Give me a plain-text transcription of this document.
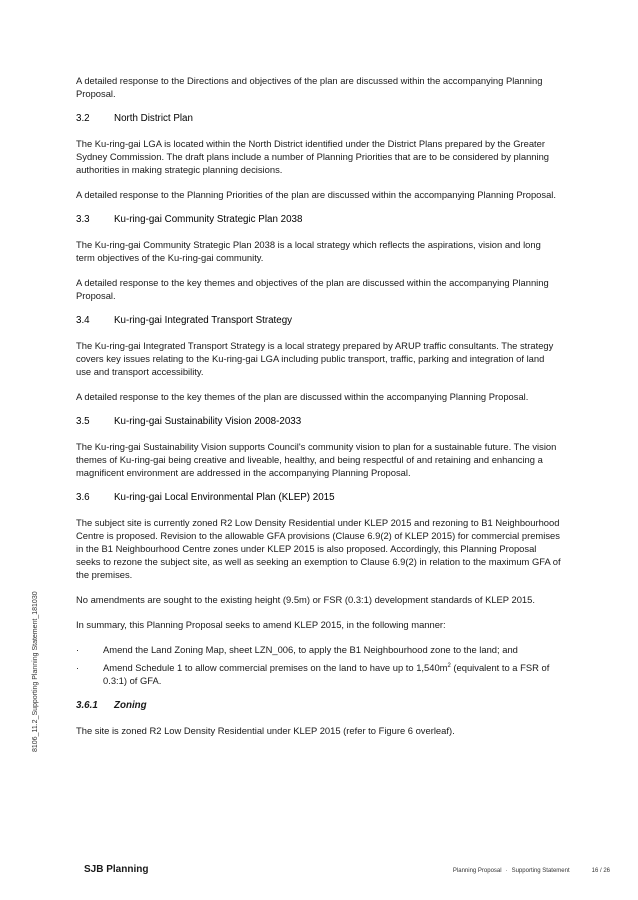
A detailed response to the Directions and objectives of the plan are discussed within the accompanying Planning Proposal.

3.2 North District Plan

The Ku-ring-gai LGA is located within the North District identified under the District Plans prepared by the Greater Sydney Commission. The draft plans include a number of Planning Priorities that are to be considered by planning authorities in making strategic planning decisions.

A detailed response to the Planning Priorities of the plan are discussed within the accompanying Planning Proposal.

3.3 Ku-ring-gai Community Strategic Plan 2038

The Ku-ring-gai Community Strategic Plan 2038 is a local strategy which reflects the aspirations, vision and long term objectives of the Ku-ring-gai community.

A detailed response to the key themes and objectives of the plan are discussed within the accompanying Planning Proposal.

3.4 Ku-ring-gai Integrated Transport Strategy

The Ku-ring-gai Integrated Transport Strategy is a local strategy prepared by ARUP traffic consultants. The strategy covers key issues relating to the Ku-ring-gai LGA including public transport, traffic, parking and integration of land use and transport accessibility.

A detailed response to the key themes of the plan are discussed within the accompanying Planning Proposal.

3.5 Ku-ring-gai Sustainability Vision 2008-2033

The Ku-ring-gai Sustainability Vision supports Council's community vision to plan for a sustainable future. The vision themes of Ku-ring-gai being creative and liveable, healthy, and being respectful of and retaining and enhancing a magnificent environment are addressed in the accompanying Planning Proposal.

3.6 Ku-ring-gai Local Environmental Plan (KLEP) 2015

The subject site is currently zoned R2 Low Density Residential under KLEP 2015 and rezoning to B1 Neighbourhood Centre is proposed. Revision to the allowable GFA provisions (Clause 6.9(2) of KLEP 2015) for commercial premises in the B1 Neighbourhood Centre zones under KLEP 2015 is also proposed. Accordingly, this Planning Proposal seeks to rezone the subject site, as well as seeking an exemption to Clause 6.9(2) in relation to the maximum GFA of the premises.

No amendments are sought to the existing height (9.5m) or FSR (0.3:1) development standards of KLEP 2015.

In summary, this Planning Proposal seeks to amend KLEP 2015, in the following manner:

·	Amend the Land Zoning Map, sheet LZN_006, to apply the B1 Neighbourhood zone to the land; and
·	Amend Schedule 1 to allow commercial premises on the land to have up to $1,540m^2$ (equivalent to a FSR of 0.3:1) of GFA.
3.6.1 Zoning

The site is zoned R2 Low Density Residential under KLEP 2015 (refer to Figure 6 overleaf).

8106_11.2_Supporting Planning Statement_181030
SJB Planning	Planning Proposal · Supporting Statement	16 / 26
